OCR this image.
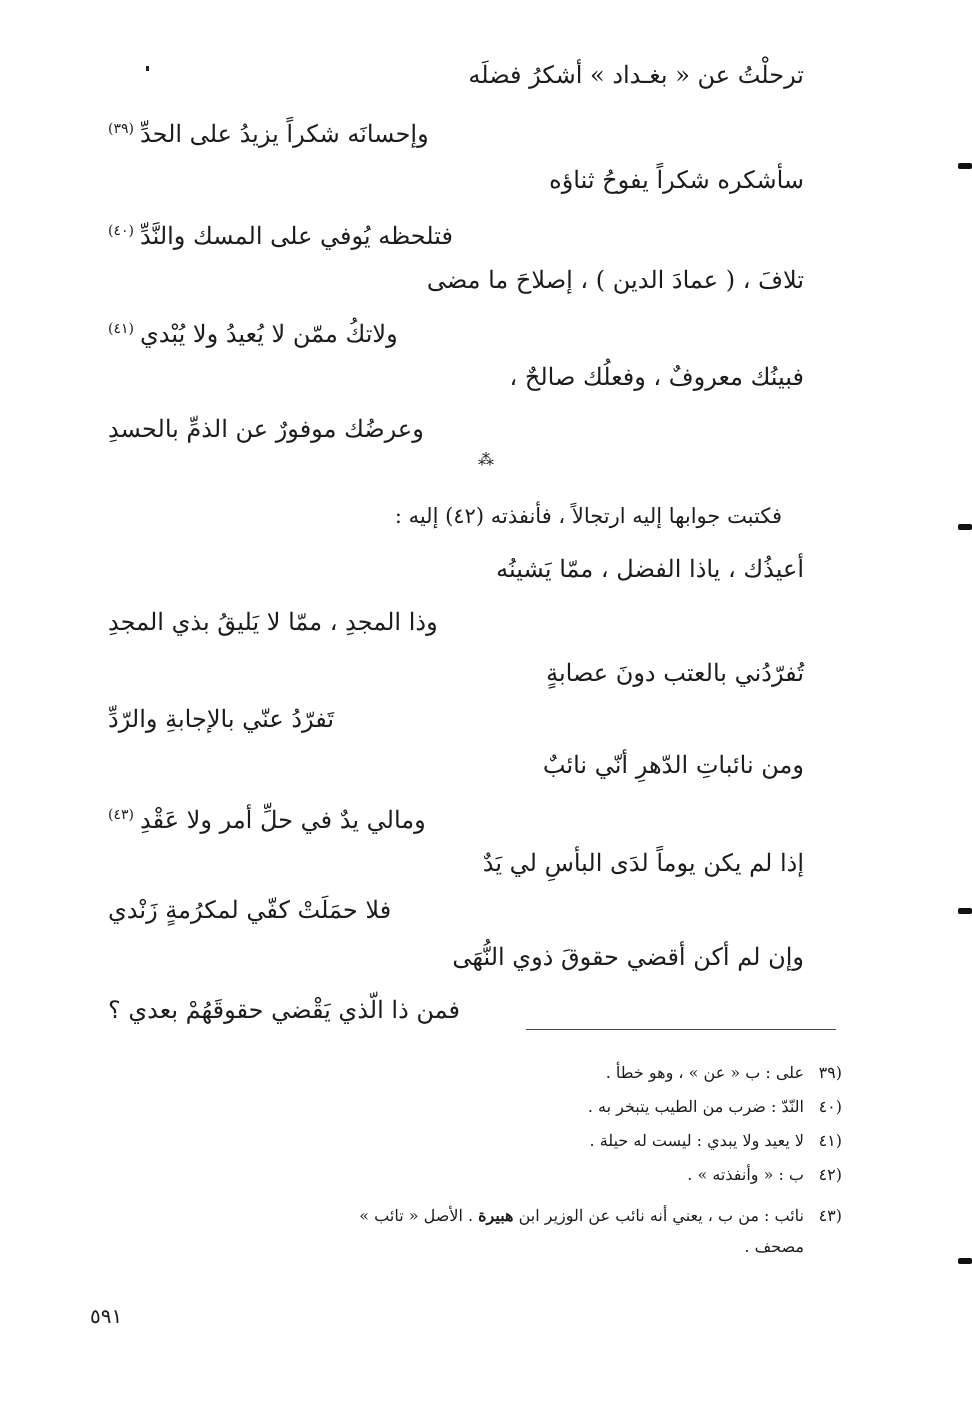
ترحلْتُ عن « بغـداد » أشكرُ فضلَه
وإحسانَه شكراً يزيدُ على الحدِّ$^{(٣٩)}$
سأشكره شكراً يفوحُ ثناؤه
فتلحظه يُوفي على المسك والنَّدِّ$^{(٤٠)}$
تلافَ ، ( عمادَ الدين ) ، إصلاحَ ما مضى
ولاتكُ ممّن لا يُعيدُ ولا يُبْدي$^{(٤١)}$
فبينُك معروفٌ ، وفعلُك صالحٌ ،
وعرضُك موفورٌ عن الذمِّ بالحسدِ
⁂
فكتبت جوابها إليه ارتجالاً ، فأنفذته (٤٢) إليه :
أعيذُك ، ياذا الفضل ، ممّا يَشينُه
وذا المجدِ ، ممّا لا يَليقُ بذي المجدِ
تُفرّدُني بالعتب دونَ عصابةٍ
تَفرّدُ عنّي بالإجابةِ والرّدِّ
ومن نائباتِ الدّهرِ أنّي نائبٌ
ومالي يدٌ في حلِّ أمر ولا عَقْدِ$^{(٤٣)}$
إذا لم يكن يوماً لدَى البأسِ لي يَدٌ
فلا حمَلَتْ كفّي لمكرُمةٍ زَنْدي
وإن لم أكن أقضي حقوقَ ذوي النُّهَى
فمن ذا الّذي يَقْضي حقوقَهُمْ بعدي ؟
(٣٩على : ب « عن » ، وهو خطأ .
(٤٠النّدّ : ضرب من الطيب يتبخر به .
(٤١لا يعيد ولا يبدي : ليست له حيلة .
(٤٢ب : « وأنفذته » .
(٤٣نائب : من ب ، يعني أنه نائب عن الوزير ابن هبيرة . الأصل « تائب »
مصحف .
٥٩١
